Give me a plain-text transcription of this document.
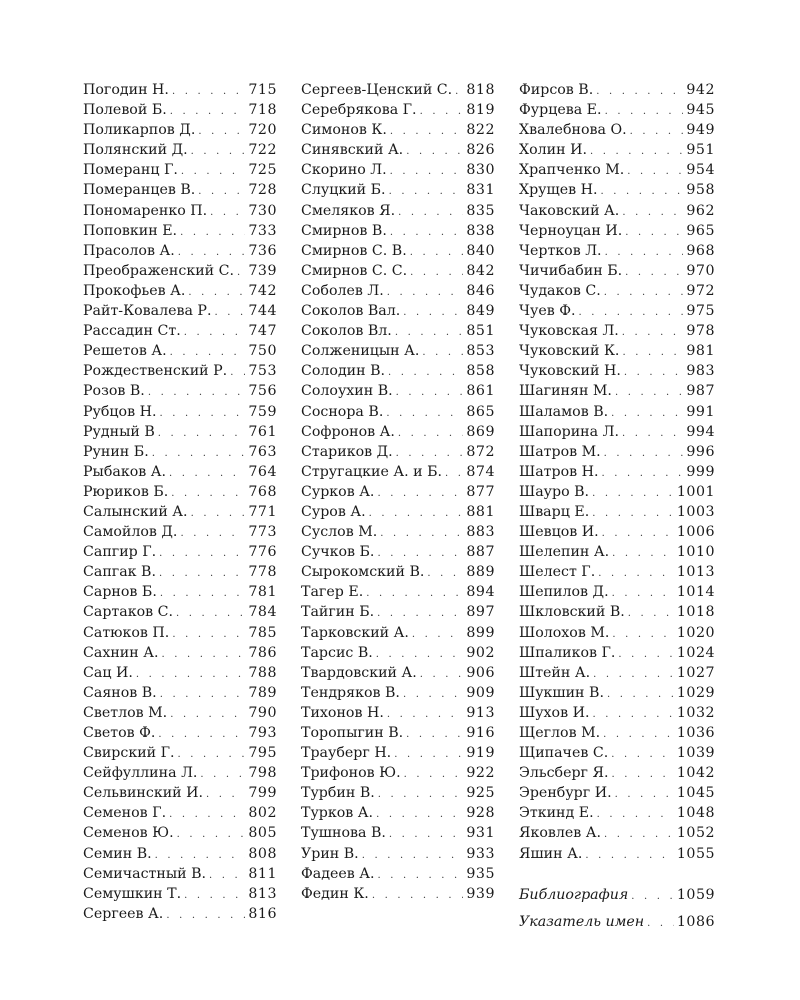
Погодин Н. . . .	715
Полевой Б. . . .	718
Поликарпов Д. . . .	720
Полянский Д. . . .	722
Померанц Г. . . .	725
Померанцев В. . . .	728
Пономаренко П. . . .	730
Поповкин Е. . . .	733
Прасолов А. . . .	736
Преображенский С. . . . 739
Прокофьев А. . . .	742
Райт-Ковалева Р. . . .	744
Рассадин Ст. . . .	747
Решетов А. . . .	750
Рождественский Р. . . . 753
Розов В. . . .	756
Рубцов Н. . . .	759
Рудный В . . .	761
Рунин Б. . . .	763
Рыбаков А. . . .	764
Рюриков Б. . . .	768
Салынский А. . . .	771
Самойлов Д. . . .	773
Сапгир Г. . . .	776
Сапгак В. . . .	778
Сарнов Б. . . .	781
Сартаков С. . . .	784
Сатюков П. . . .	785
Сахнин А. . . .	786
Сац И. . . .	788
Саянов В. . . .	789
Светлов М. . . .	790
Светов Ф. . . .	793
Свирский Г. . . .	795
Сейфуллина Л. . . .	798
Сельвинский И. . . .	799
Семенов Г. . . .	802
Семенов Ю. . . .	805
Семин В. . . .	808
Семичастный В. . . .	811
Семушкин Т. . . .	813
Сергеев А. . . .	816
Сергеев-Ценский С. . . . 818
Серебрякова Г. . . .	819
Симонов К. . . .	822
Синявский А. . . .	826
Скорино Л. . . .	830
Слуцкий Б. . . .	831
Смеляков Я. . . .	835
Смирнов В. . . .	838
Смирнов С. В. . . .	840
Смирнов С. С. . . .	842
Соболев Л. . . .	846
Соколов Вал. . . .	849
Соколов Вл. . . .	851
Солженицын А. . . .	853
Солодин В. . . .	858
Солоухин В. . . .	861
Соснора В. . . .	865
Софронов А. . . .	869
Стариков Д. . . .	872
Стругацкие А. и Б. . . . 874
Сурков А. . . .	877
Суров А. . . .	881
Суслов М. . . .	883
Сучков Б. . . .	887
Сырокомский В. . . .	889
Тагер Е. . . .	894
Тайгин Б. . . .	897
Тарковский А. . . .	899
Тарсис В. . . .	902
Твардовский А. . . .	906
Тендряков В. . . .	909
Тихонов Н. . . .	913
Торопыгин В. . . .	916
Трауберг Н. . . .	919
Трифонов Ю. . . .	922
Турбин В. . . .	925
Турков А. . . .	928
Тушнова В. . . .	931
Урин В. . . .	933
Фадеев А. . . .	935
Федин К. . . .	939
Фирсов В. . . .	942
Фурцева Е. . . .	945
Хвалебнова О. . . .	949
Холин И. . . .	951
Храпченко М. . . .	954
Хрущев Н. . . .	958
Чаковский А. . . .	962
Черноуцан И. . . .	965
Чертков Л. . . .	968
Чичибабин Б. . . .	970
Чудаков С. . . .	972
Чуев Ф. . . .	975
Чуковская Л. . . .	978
Чуковский К. . . .	981
Чуковский Н. . . .	983
Шагинян М. . . .	987
Шаламов В. . . .	991
Шапорина Л. . . .	994
Шатров М. . . .	996
Шатров Н. . . .	999
Шауро В. . . .	1001
Шварц Е. . . .	1003
Шевцов И. . . .	1006
Шелепин А. . . .	1010
Шелест Г. . . .	1013
Шепилов Д. . . .	1014
Шкловский В. . . .	1018
Шолохов М. . . .	1020
Шпаликов Г. . . .	1024
Штейн А. . . .	1027
Шукшин В. . . .	1029
Шухов И. . . .	1032
Щеглов М. . . .	1036
Щипачев С. . . .	1039
Эльсберг Я. . . .	1042
Эренбург И. . . .	1045
Эткинд Е. . . .	1048
Яковлев А. . . .	1052
Яшин А. . . .	1055
Библиография . . .	1059
Указатель имен . . . 1086
